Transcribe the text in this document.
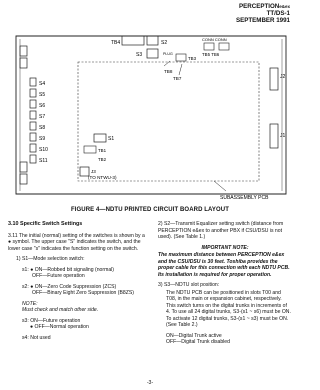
PERCEPTIONe&ex
TT/DS-1
SEPTEMBER 1991
S4
S5
S6
S7
S8
S9
S10
S11
TB4	S2
S3	PLUG
CONN CONN
TB5 TB6
TB3
TB8
TB7	J2
J1
S1
TB1
TB2
J3
(TO NTWU-3)
SUBASSEMBLY PCB
FIGURE 4—NDTU PRINTED CIRCUIT BOARD LAYOUT
3.10 Specific Switch Settings

3.11 The initial (normal) setting of the switches is shown by a ● symbol. The upper case "S" indicates the switch, and the lower case "s" indicates the function setting on the switch.

1) S1—Mode selection switch:

s1: ● ON—Robbed bit signaling (normal)

OFF—Future operation

s2: ● ON—Zero Code Suppression (ZCS)

OFF—Binary Eight Zero Suppression (B8ZS)

NOTE:

Must check and match other side.

s3: ON—Future operation

● OFF—Normal operation

s4: Not used

2) S2—Transmit Equalizer setting switch (distance from PERCEPTION e&ex to another PBX if CSU/DSU is not used). (See Table 1.)

IMPORTANT NOTE:

The maximum distance between PERCEPTION e&ex and the CSU/DSU is 30 feet. Toshiba provides the proper cable for this connection with each NDTU PCB. Its installation is required for proper operation.

3) S3—NDTU slot position:

The NDTU PCB can be positioned in slots T00 and T08, in the main or expansion cabinet, respectively. This switch turns on the digital trunks in increments of 4. To use all 24 digital trunks, S3-(s1 ~ s6) must be ON. To activate 12 digital trunks, S3-(s1 ~ s3) must be ON. (See Table 2.)

ON—Digital Trunk active

OFF—Digital Trunk disabled

-3-
